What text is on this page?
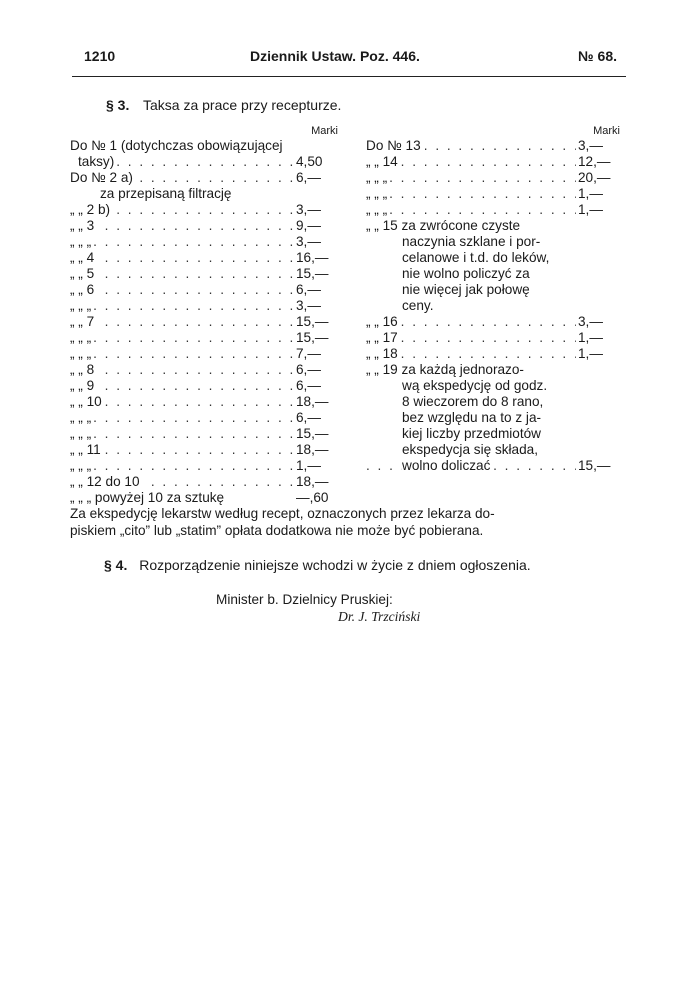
1210	Dziennik Ustaw. Poz. 446.	№ 68.
§ 3. Taksa za prace przy recepturze.
Marki
Do № 1 (dotychczas obowiązującej
. . .
taksy)	4,50
. . .
Do № 2 a)	6,—
za przepisaną filtrację
. . .
„ „ 2 b)	3,—
. . .
„ „ 3	9,—
. . .
„ „ „	3,—
. . .
„ „ 4	16,—
. . .
„ „ 5	15,—
. . .
„ „ 6	6,—
. . .
„ „ „	3,—
. . .
„ „ 7	15,—
. . .
„ „ „	15,—
. . .
„ „ „	7,—
. . .
„ „ 8	6,—
. . .
„ „ 9	6,—
. . .
„ „ 10	18,—
. . .
„ „ „	6,—
. . .
„ „ „	15,—
. . .
„ „ 11	18,—
. . .
„ „ „	1,—
. . .
„ „ 12 do 10	18,—
„ „ „ powyżej 10 za sztukę	—,60
Marki
. . .
Do № 13	3,—
. . .
„ „ 14	12,—
. . .
„ „ „	20,—
. . .
„ „ „	1,—
. . .
„ „ „	1,—
„ „ 15 za zwrócone czyste
naczynia szklane i por-
celanowe i t.d. do leków,
nie wolno policzyć za
nie więcej jak połowę
ceny.
. . .
„ „ 16	3,—
. . .
„ „ 17	1,—
. . .
„ „ 18	1,—
„ „ 19 za każdą jednorazo-
wą ekspedycję od godz.
8 wieczorem do 8 rano,
bez względu na to z ja-
kiej liczby przedmiotów
ekspedycja się składa,
. . .
wolno doliczać	15,—
Za ekspedycję lekarstw według recept, oznaczonych przez lekarza do-
piskiem „cito” lub „statim” opłata dodatkowa nie może być pobierana.
§ 4. Rozporządzenie niniejsze wchodzi w życie z dniem ogłoszenia.
Minister b. Dzielnicy Pruskiej:
Dr. J. Trzciński
